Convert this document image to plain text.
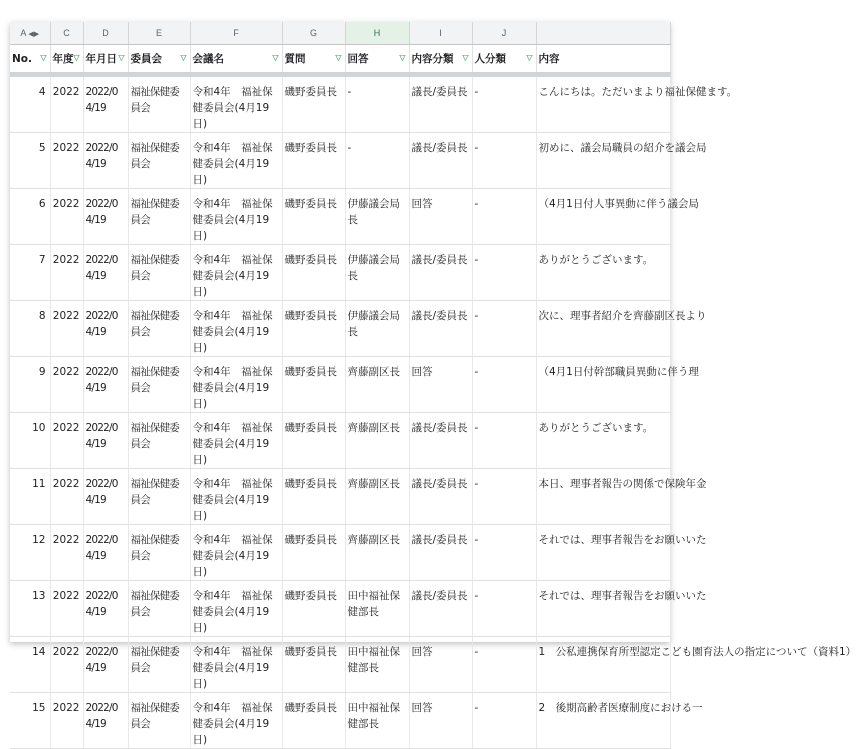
A ◀▶	C	D	E	F	G	H	I	J	
No. ▽	年度 ▽	年月日 ▽	委員会 ▽	会議名 ▽	質問 ▽	回答 ▽	内容分類 ▽	人分類 ▽	内容
4	2022	2022/04/19	福祉保健委員会	令和4年　福祉保健委員会(4月19日)	磯野委員長	-	議長/委員長	-	こんにちは。ただいまより福祉保健ます。
5	2022	2022/04/19	福祉保健委員会	令和4年　福祉保健委員会(4月19日)	磯野委員長	-	議長/委員長	-	初めに、議会局職員の紹介を議会局
6	2022	2022/04/19	福祉保健委員会	令和4年　福祉保健委員会(4月19日)	磯野委員長	伊藤議会局長	回答	-	（4月1日付人事異動に伴う議会局
7	2022	2022/04/19	福祉保健委員会	令和4年　福祉保健委員会(4月19日)	磯野委員長	伊藤議会局長	議長/委員長	-	ありがとうございます。
8	2022	2022/04/19	福祉保健委員会	令和4年　福祉保健委員会(4月19日)	磯野委員長	伊藤議会局長	議長/委員長	-	次に、理事者紹介を齊藤副区長より
9	2022	2022/04/19	福祉保健委員会	令和4年　福祉保健委員会(4月19日)	磯野委員長	齊藤副区長	回答	-	（4月1日付幹部職員異動に伴う理
10	2022	2022/04/19	福祉保健委員会	令和4年　福祉保健委員会(4月19日)	磯野委員長	齊藤副区長	議長/委員長	-	ありがとうございます。
11	2022	2022/04/19	福祉保健委員会	令和4年　福祉保健委員会(4月19日)	磯野委員長	齊藤副区長	議長/委員長	-	本日、理事者報告の関係で保険年金
12	2022	2022/04/19	福祉保健委員会	令和4年　福祉保健委員会(4月19日)	磯野委員長	齊藤副区長	議長/委員長	-	それでは、理事者報告をお願いいた
13	2022	2022/04/19	福祉保健委員会	令和4年　福祉保健委員会(4月19日)	磯野委員長	田中福祉保健部長	議長/委員長	-	それでは、理事者報告をお願いいた
14	2022	2022/04/19	福祉保健委員会	令和4年　福祉保健委員会(4月19日)	磯野委員長	田中福祉保健部長	回答	-	1　公私連携保育所型認定こども園育法人の指定について（資料1）
15	2022	2022/04/19	福祉保健委員会	令和4年　福祉保健委員会(4月19日)	磯野委員長	田中福祉保健部長	回答	-	2　後期高齢者医療制度における一
